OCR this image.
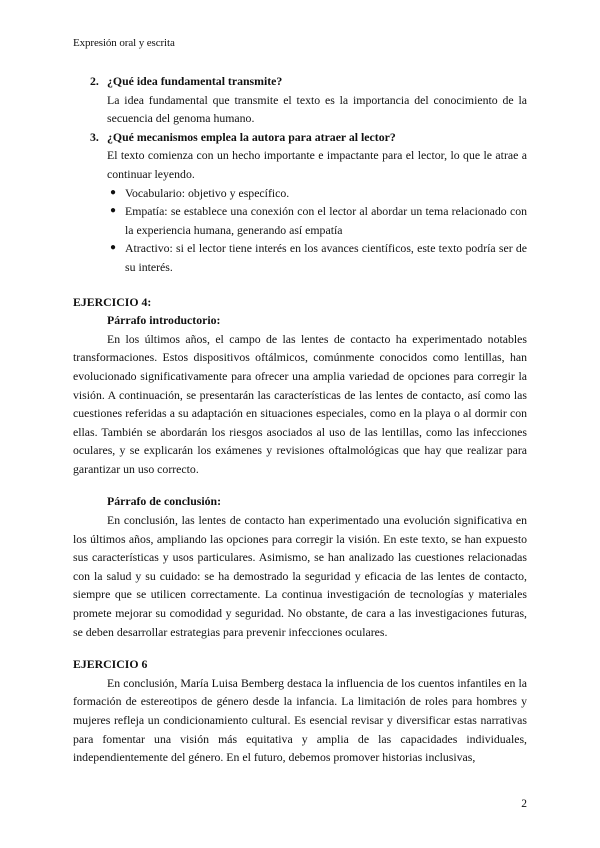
Expresión oral y escrita
2. ¿Qué idea fundamental transmite?
La idea fundamental que transmite el texto es la importancia del conocimiento de la secuencia del genoma humano.
3. ¿Qué mecanismos emplea la autora para atraer al lector?
El texto comienza con un hecho importante e impactante para el lector, lo que le atrae a continuar leyendo.
● Vocabulario: objetivo y específico.
● Empatía: se establece una conexión con el lector al abordar un tema relacionado con la experiencia humana, generando así empatía
● Atractivo: si el lector tiene interés en los avances científicos, este texto podría ser de su interés.
EJERCICIO 4:
Párrafo introductorio:
En los últimos años, el campo de las lentes de contacto ha experimentado notables transformaciones. Estos dispositivos oftálmicos, comúnmente conocidos como lentillas, han evolucionado significativamente para ofrecer una amplia variedad de opciones para corregir la visión. A continuación, se presentarán las características de las lentes de contacto, así como las cuestiones referidas a su adaptación en situaciones especiales, como en la playa o al dormir con ellas. También se abordarán los riesgos asociados al uso de las lentillas, como las infecciones oculares, y se explicarán los exámenes y revisiones oftalmológicas que hay que realizar para garantizar un uso correcto.
Párrafo de conclusión:
En conclusión, las lentes de contacto han experimentado una evolución significativa en los últimos años, ampliando las opciones para corregir la visión. En este texto, se han expuesto sus características y usos particulares. Asimismo, se han analizado las cuestiones relacionadas con la salud y su cuidado: se ha demostrado la seguridad y eficacia de las lentes de contacto, siempre que se utilicen correctamente. La continua investigación de tecnologías y materiales promete mejorar su comodidad y seguridad. No obstante, de cara a las investigaciones futuras, se deben desarrollar estrategias para prevenir infecciones oculares.
EJERCICIO 6
En conclusión, María Luisa Bemberg destaca la influencia de los cuentos infantiles en la formación de estereotipos de género desde la infancia. La limitación de roles para hombres y mujeres refleja un condicionamiento cultural. Es esencial revisar y diversificar estas narrativas para fomentar una visión más equitativa y amplia de las capacidades individuales, independientemente del género. En el futuro, debemos promover historias inclusivas,
2
